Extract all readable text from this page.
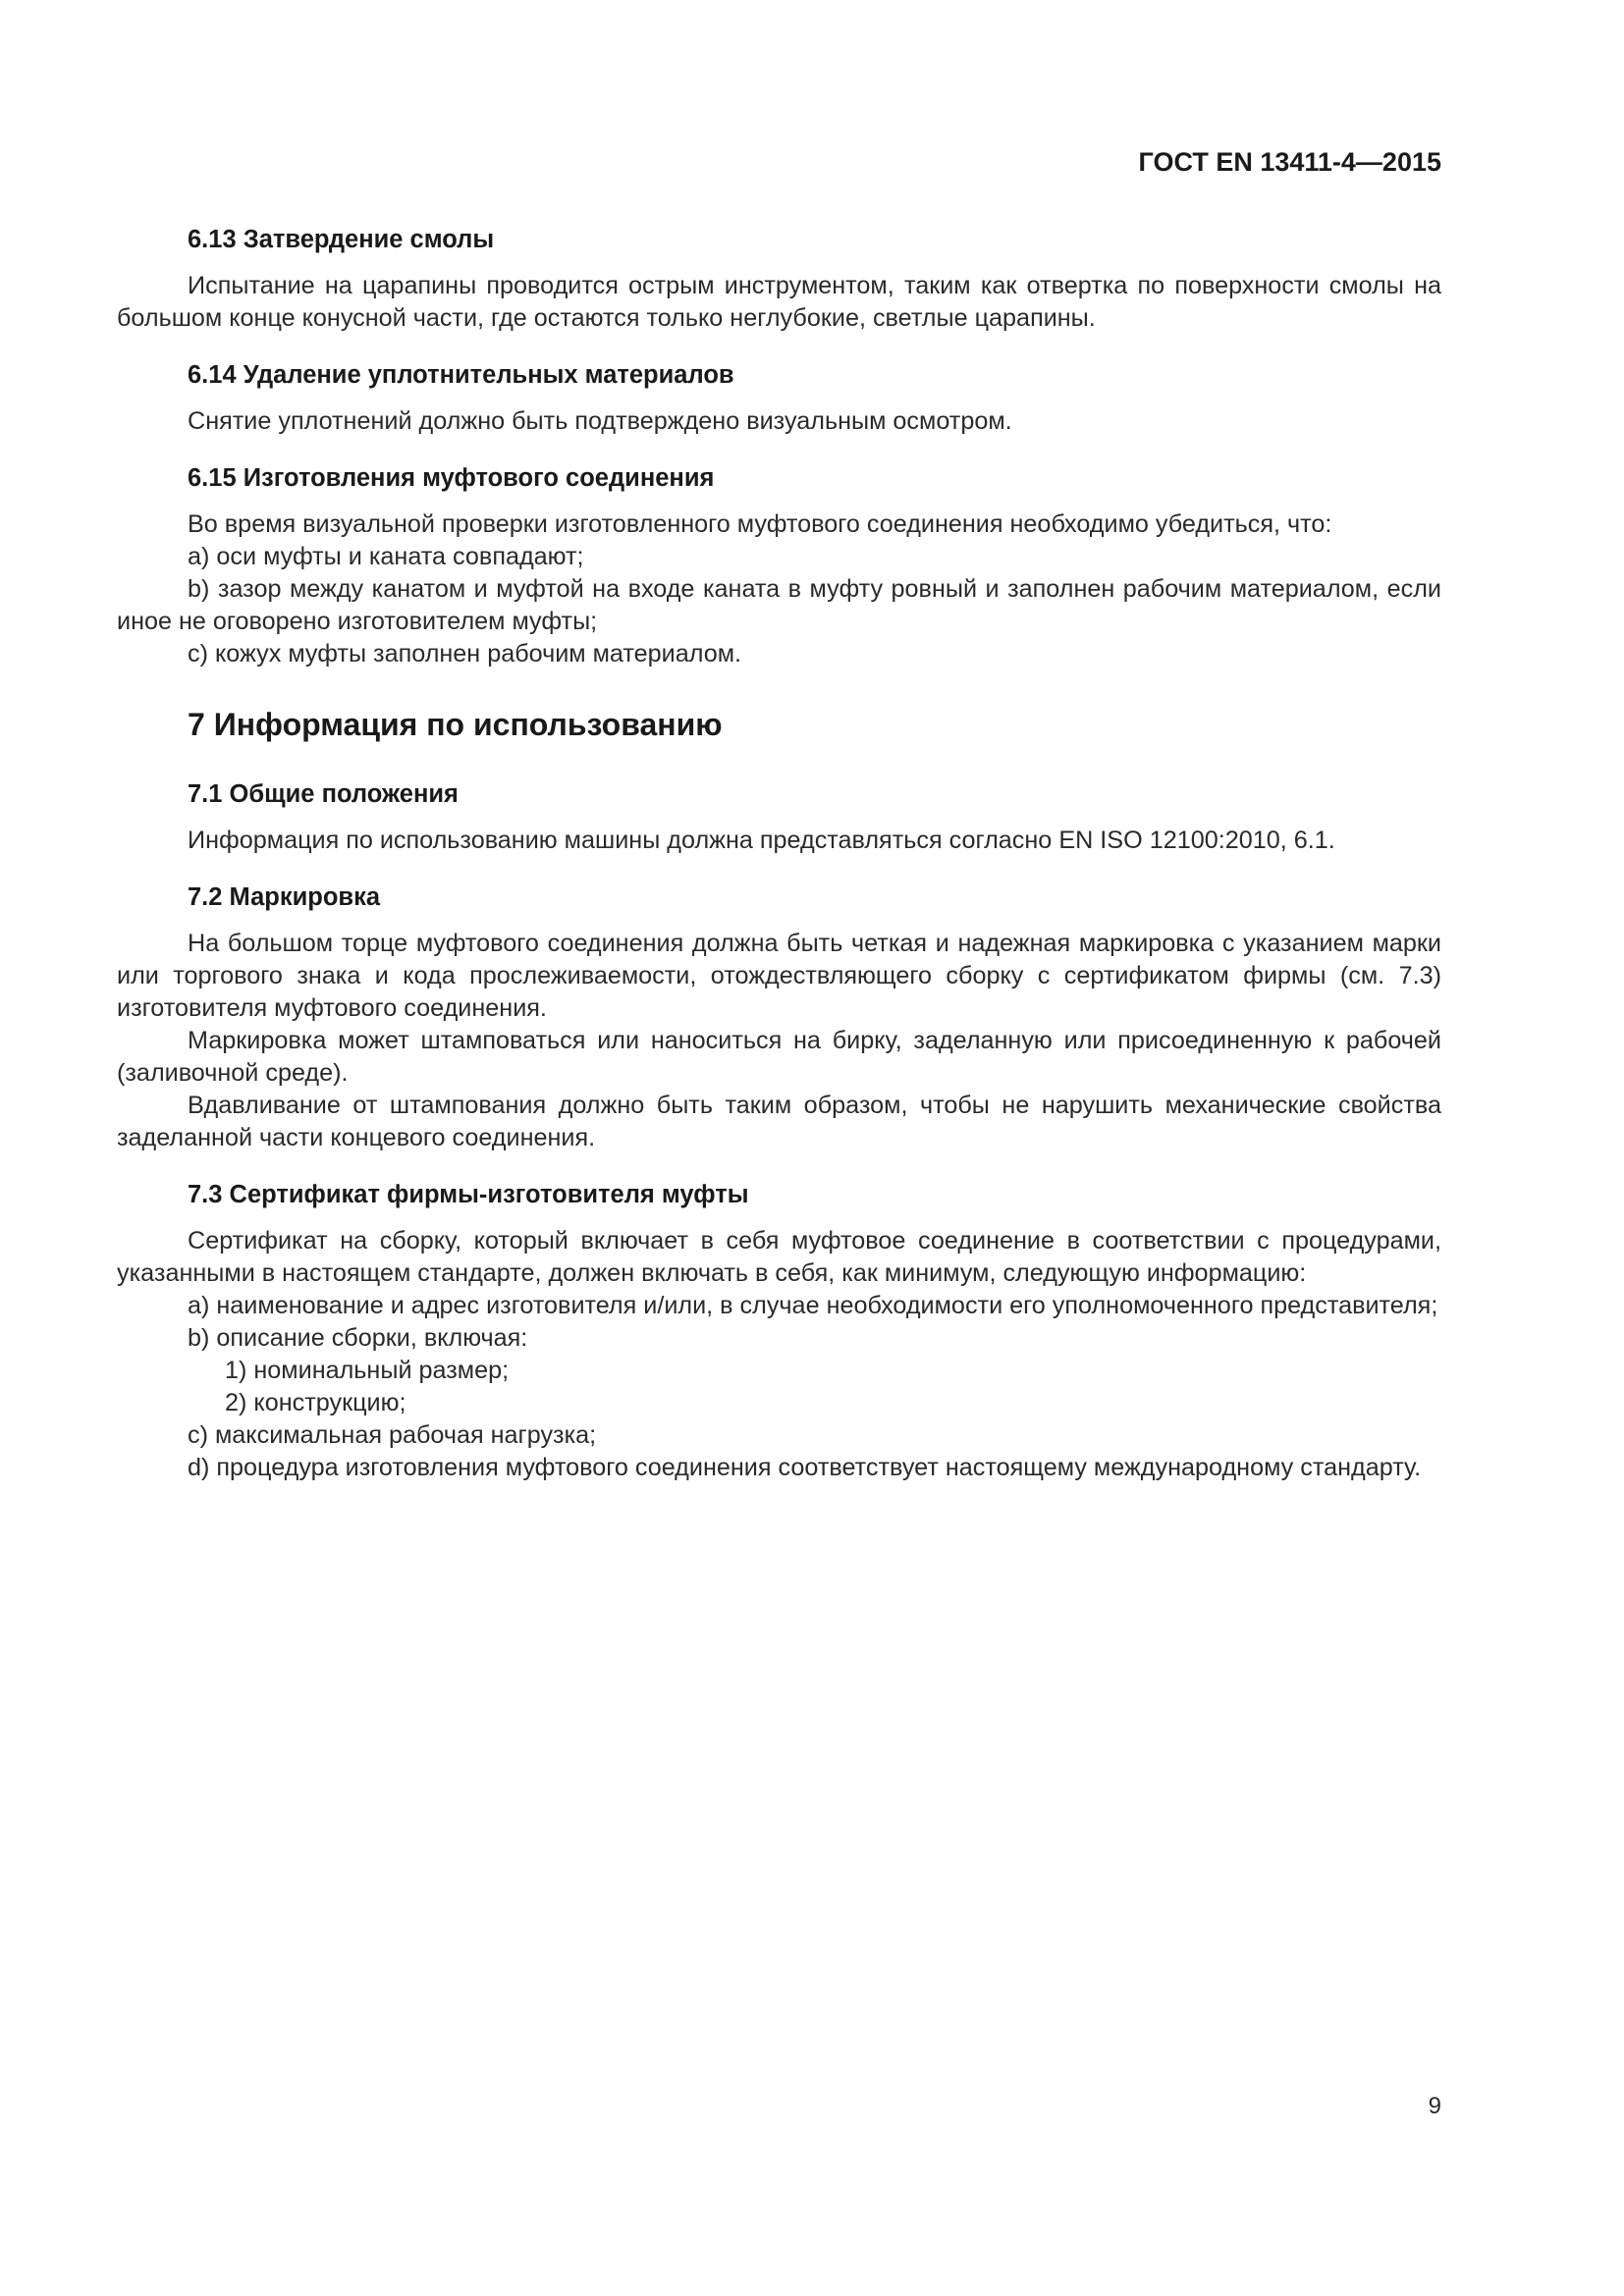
ГОСТ EN 13411-4—2015

6.13 Затвердение смолы

Испытание на царапины проводится острым инструментом, таким как отвертка по поверхности смолы на большом конце конусной части, где остаются только неглубокие, светлые царапины.

6.14 Удаление уплотнительных материалов

Снятие уплотнений должно быть подтверждено визуальным осмотром.

6.15 Изготовления муфтового соединения

Во время визуальной проверки изготовленного муфтового соединения необходимо убедиться, что:

a) оси муфты и каната совпадают;

b) зазор между канатом и муфтой на входе каната в муфту ровный и заполнен рабочим материалом, если иное не оговорено изготовителем муфты;

c) кожух муфты заполнен рабочим материалом.

7 Информация по использованию

7.1 Общие положения

Информация по использованию машины должна представляться согласно EN ISO 12100:2010, 6.1.

7.2 Маркировка

На большом торце муфтового соединения должна быть четкая и надежная маркировка с указанием марки или торгового знака и кода прослеживаемости, отождествляющего сборку с сертификатом фирмы (см. 7.3) изготовителя муфтового соединения.

Маркировка может штамповаться или наноситься на бирку, заделанную или присоединенную к рабочей (заливочной среде).

Вдавливание от штампования должно быть таким образом, чтобы не нарушить механические свойства заделанной части концевого соединения.

7.3 Сертификат фирмы-изготовителя муфты

Сертификат на сборку, который включает в себя муфтовое соединение в соответствии с процедурами, указанными в настоящем стандарте, должен включать в себя, как минимум, следующую информацию:

a) наименование и адрес изготовителя и/или, в случае необходимости его уполномоченного представителя;

b) описание сборки, включая:

1) номинальный размер;

2) конструкцию;

c) максимальная рабочая нагрузка;

d) процедура изготовления муфтового соединения соответствует настоящему международному стандарту.

9
